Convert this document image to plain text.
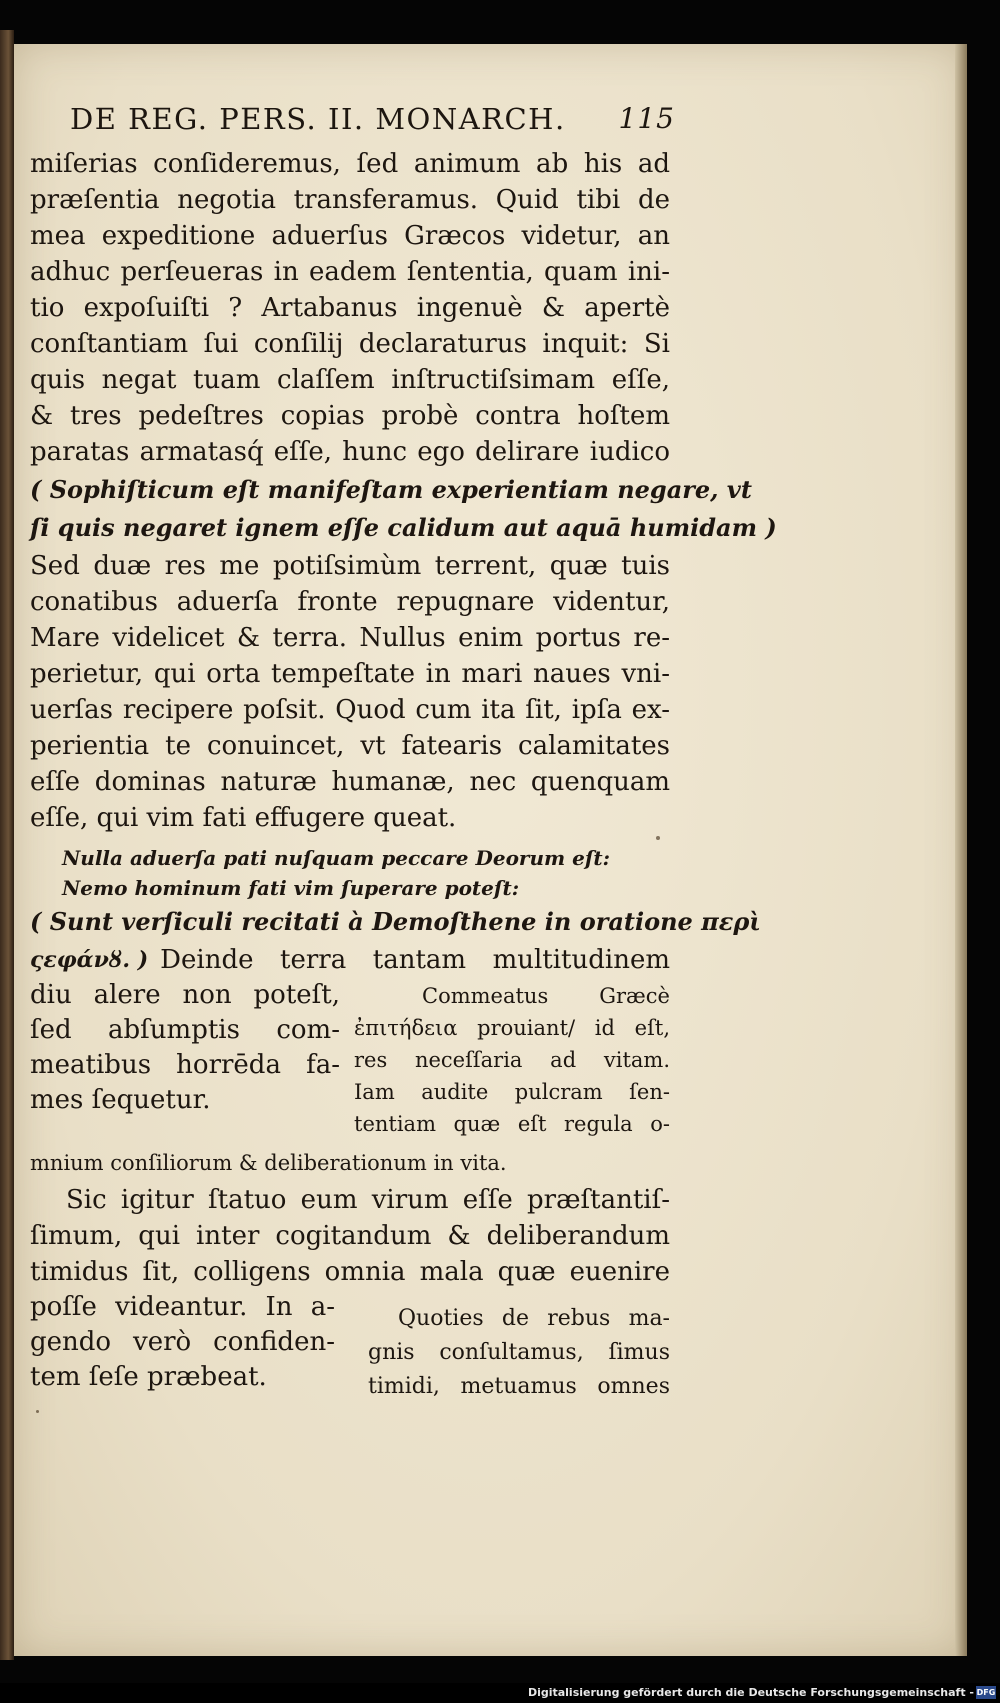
DE REG. PERS. II. MONARCH. 115
miſerias conſideremus, ſed animum ab his ad
præſentia negotia transferamus. Quid tibi de
mea expeditione aduerſus Græcos videtur, an
adhuc perſeueras in eadem ſententia, quam ini-
tio expoſuiſti ? Artabanus ingenuè & apertè
conſtantiam ſui conſilij declaraturus inquit: Si
quis negat tuam claſſem inſtructiſsimam eſſe,
& tres pedeſtres copias probè contra hoſtem
paratas armatasq́ eſſe, hunc ego delirare iudico
( Sophiſticum eſt manifeſtam experientiam negare, vt
ſi quis negaret ignem eſſe calidum aut aquā humidam )
Sed duæ res me potiſsimùm terrent, quæ tuis
conatibus aduerſa fronte repugnare videntur,
Mare videlicet & terra. Nullus enim portus re-
perietur, qui orta tempeſtate in mari naues vni-
uerſas recipere poſsit. Quod cum ita ſit, ipſa ex-
perientia te conuincet, vt fatearis calamitates
eſſe dominas naturæ humanæ, nec quenquam
eſſe, qui vim fati effugere queat.
Nulla aduerſa pati nuſquam peccare Deorum eſt:
Nemo hominum fati vim ſuperare poteſt:
( Sunt verſiculi recitati à Demoſthene in oratione περὶ
ςεφάνȣ. ) Deinde terra tantam multitudinem
diu alere non poteſt,
ſed abſumptis com-
meatibus horrēda fa-
mes ſequetur.
Commeatus Græcè
ἐπιτήδεια prouiant/ id eſt,
res neceſſaria ad vitam.
Iam audite pulcram ſen-
tentiam quæ eſt regula o-
mnium conſiliorum & deliberationum in vita.
Sic igitur ſtatuo eum virum eſſe præſtantiſ-
ſimum, qui inter cogitandum & deliberandum
timidus ſit, colligens omnia mala quæ euenire
poſſe videantur. In a-
gendo verò confiden-
tem ſeſe præbeat.
Quoties de rebus ma-
gnis conſultamus, ſimus
timidi, metuamus omnes
Digitalisierung gefördert durch die Deutsche Forschungsgemeinschaft - DFG
